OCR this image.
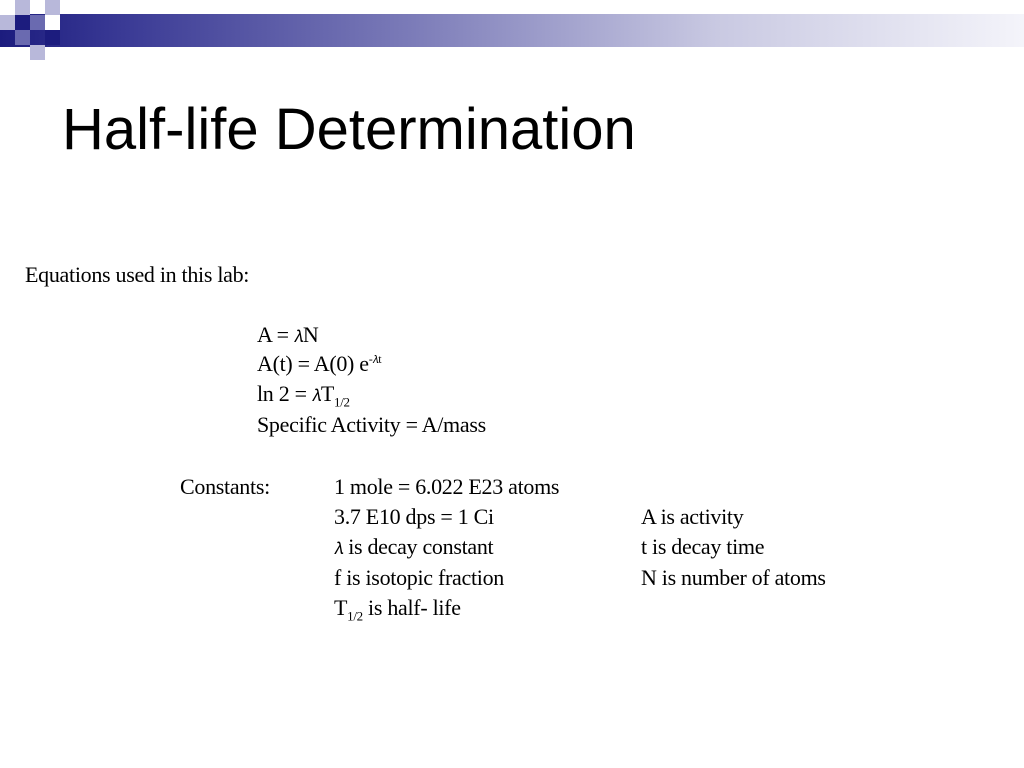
Half-life Determination
Equations used in this lab:
A = 𝜆N
A(t) = A(0) $e^{-𝜆t}$
ln 2 = 𝜆T$_{1/2}$
Specific Activity = A/mass
Constants:	1 mole = 6.022 E23 atoms
3.7 E10 dps = 1 Ci
𝜆 is decay constant
f is isotopic fraction
$T_{1/2}$ is half- life
A is activity
t is decay time
N is number of atoms
